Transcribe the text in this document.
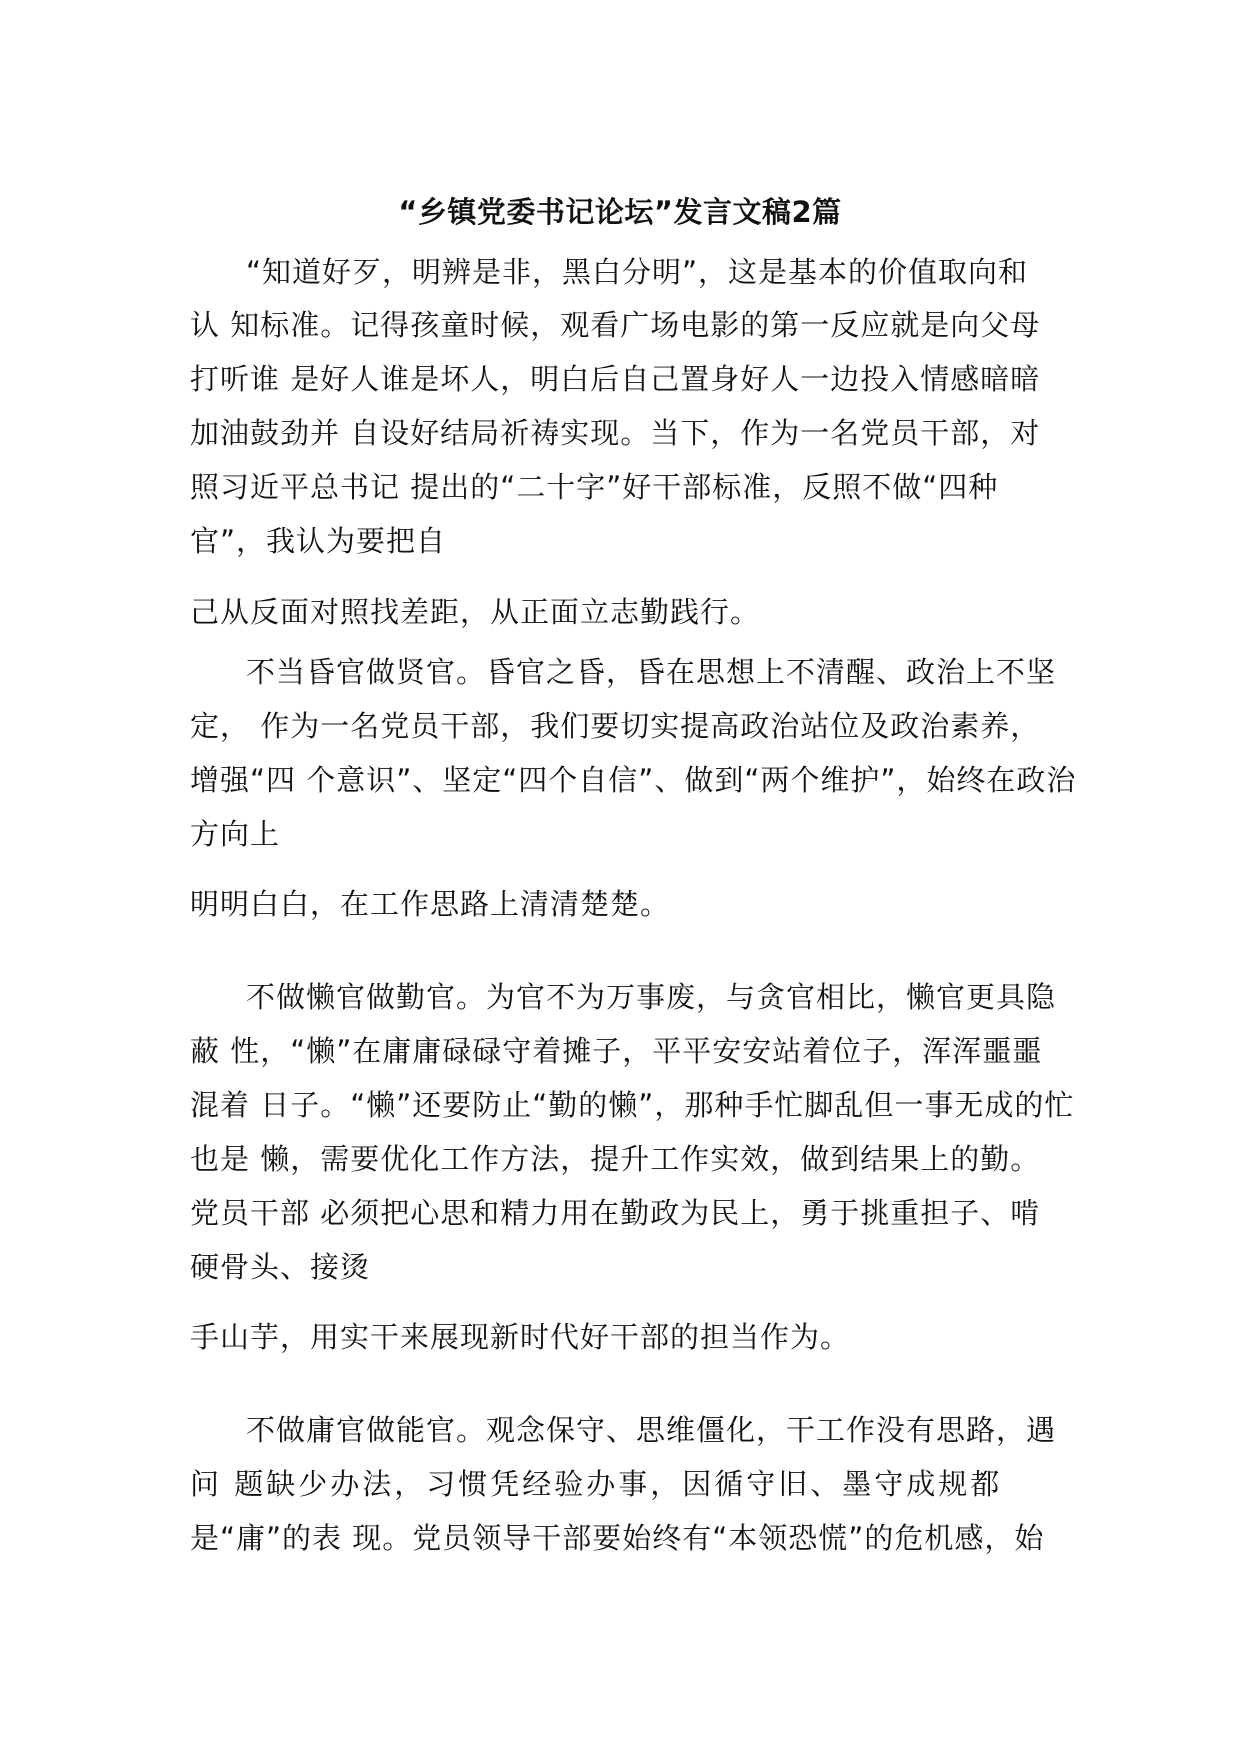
“乡镇党委书记论坛”发言文稿2篇
“知道好歹，明辨是非，黑白分明”，这是基本的价值取向和
认 知标准。记得孩童时候，观看广场电影的第一反应就是向父母
打听谁 是好人谁是坏人，明白后自己置身好人一边投入情感暗暗
加油鼓劲并 自设好结局祈祷实现。当下，作为一名党员干部，对
照习近平总书记 提出的“二十字”好干部标准，反照不做“四种
官”，我认为要把自
己从反面对照找差距，从正面立志勤践行。
不当昏官做贤官。昏官之昏，昏在思想上不清醒、政治上不坚
定， 作为一名党员干部，我们要切实提高政治站位及政治素养，
增强“四 个意识”、坚定“四个自信”、做到“两个维护”，始终在政治
方向上
明明白白，在工作思路上清清楚楚。
不做懒官做勤官。为官不为万事废，与贪官相比，懒官更具隐
蔽 性，“懒”在庸庸碌碌守着摊子，平平安安站着位子，浑浑噩噩
混着 日子。“懒”还要防止“勤的懒”，那种手忙脚乱但一事无成的忙
也是 懒，需要优化工作方法，提升工作实效，做到结果上的勤。
党员干部 必须把心思和精力用在勤政为民上，勇于挑重担子、啃
硬骨头、接烫
手山芋，用实干来展现新时代好干部的担当作为。
不做庸官做能官。观念保守、思维僵化，干工作没有思路，遇
问 题缺少办法，习惯凭经验办事，因循守旧、墨守成规都
是“庸”的表 现。党员领导干部要始终有“本领恐慌”的危机感，始
